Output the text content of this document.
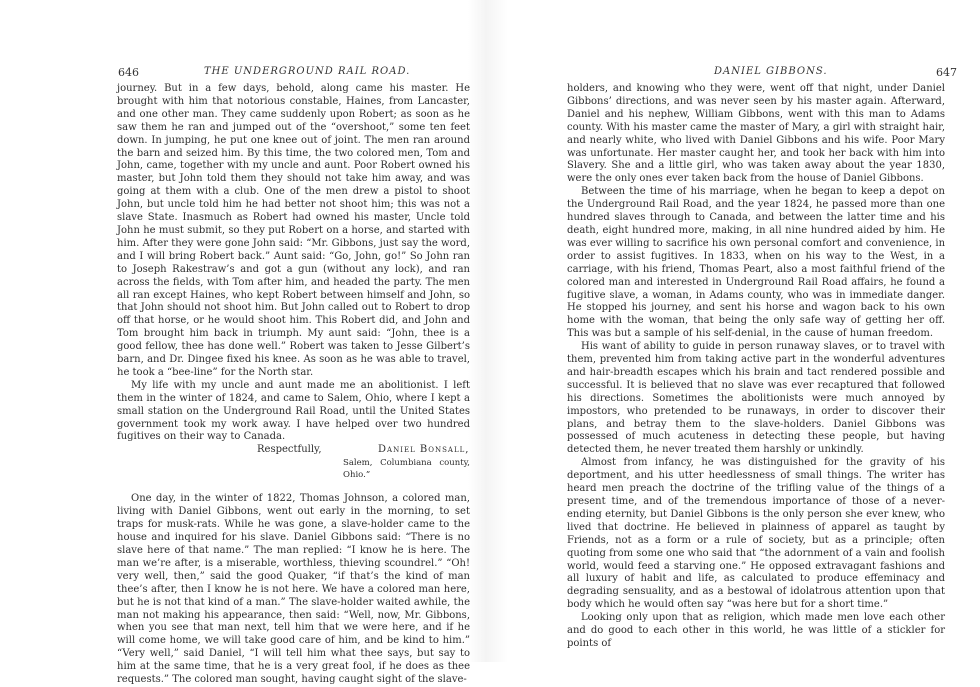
646	THE UNDERGROUND RAIL ROAD.

journey. But in a few days, behold, along came his master. He brought with him that notorious constable, Haines, from Lancaster, and one other man. They came suddenly upon Robert; as soon as he saw them he ran and jumped out of the “overshoot,” some ten feet down. In jumping, he put one knee out of joint. The men ran around the barn and seized him. By this time, the two colored men, Tom and John, came, together with my uncle and aunt. Poor Robert owned his master, but John told them they should not take him away, and was going at them with a club. One of the men drew a pistol to shoot John, but uncle told him he had better not shoot him; this was not a slave State. Inasmuch as Robert had owned his master, Uncle told John he must submit, so they put Robert on a horse, and started with him. After they were gone John said: “Mr. Gibbons, just say the word, and I will bring Robert back.” Aunt said: “Go, John, go!” So John ran to Joseph Rakestraw’s and got a gun (without any lock), and ran across the fields, with Tom after him, and headed the party. The men all ran except Haines, who kept Robert between himself and John, so that John should not shoot him. But John called out to Robert to drop off that horse, or he would shoot him. This Robert did, and John and Tom brought him back in triumph. My aunt said: “John, thee is a good fellow, thee has done well.” Robert was taken to Jesse Gilbert’s barn, and Dr. Dingee fixed his knee. As soon as he was able to travel, he took a “bee-line” for the North star.

My life with my uncle and aunt made me an abolitionist. I left them in the winter of 1824, and came to Salem, Ohio, where I kept a small station on the Underground Rail Road, until the United States government took my work away. I have helped over two hundred fugitives on their way to Canada.

Respectfully,	Daniel Bonsall,
Salem, Columbiana county, Ohio.”

One day, in the winter of 1822, Thomas Johnson, a colored man, living with Daniel Gibbons, went out early in the morning, to set traps for musk-rats. While he was gone, a slave-holder came to the house and inquired for his slave. Daniel Gibbons said: “There is no slave here of that name.” The man replied: “I know he is here. The man we’re after, is a miserable, worthless, thieving scoundrel.” “Oh! very well, then,” said the good Quaker, “if that’s the kind of man thee’s after, then I know he is not here. We have a colored man here, but he is not that kind of a man.” The slave-holder waited awhile, the man not making his appearance, then said: “Well, now, Mr. Gibbons, when you see that man next, tell him that we were here, and if he will come home, we will take good care of him, and be kind to him.” “Very well,” said Daniel, “I will tell him what thee says, but say to him at the same time, that he is a very great fool, if he does as thee requests.” The colored man sought, having caught sight of the slave-

DANIEL GIBBONS.	647

holders, and knowing who they were, went off that night, under Daniel Gibbons’ directions, and was never seen by his master again. Afterward, Daniel and his nephew, William Gibbons, went with this man to Adams county. With his master came the master of Mary, a girl with straight hair, and nearly white, who lived with Daniel Gibbons and his wife. Poor Mary was unfortunate. Her master caught her, and took her back with him into Slavery. She and a little girl, who was taken away about the year 1830, were the only ones ever taken back from the house of Daniel Gibbons.

Between the time of his marriage, when he began to keep a depot on the Underground Rail Road, and the year 1824, he passed more than one hundred slaves through to Canada, and between the latter time and his death, eight hundred more, making, in all nine hundred aided by him. He was ever willing to sacrifice his own personal comfort and convenience, in order to assist fugitives. In 1833, when on his way to the West, in a carriage, with his friend, Thomas Peart, also a most faithful friend of the colored man and interested in Underground Rail Road affairs, he found a fugitive slave, a woman, in Adams county, who was in immediate danger. He stopped his journey, and sent his horse and wagon back to his own home with the woman, that being the only safe way of getting her off. This was but a sample of his self-denial, in the cause of human freedom.

His want of ability to guide in person runaway slaves, or to travel with them, prevented him from taking active part in the wonderful adventures and hair-breadth escapes which his brain and tact rendered possible and successful. It is believed that no slave was ever recaptured that followed his directions. Sometimes the abolitionists were much annoyed by impostors, who pretended to be runaways, in order to discover their plans, and betray them to the slave-holders. Daniel Gibbons was possessed of much acuteness in detecting these people, but having detected them, he never treated them harshly or unkindly.

Almost from infancy, he was distinguished for the gravity of his deportment, and his utter heedlessness of small things. The writer has heard men preach the doctrine of the trifling value of the things of a present time, and of the tremendous importance of those of a never-ending eternity, but Daniel Gibbons is the only person she ever knew, who lived that doctrine. He believed in plainness of apparel as taught by Friends, not as a form or a rule of society, but as a principle; often quoting from some one who said that “the adornment of a vain and foolish world, would feed a starving one.” He opposed extravagant fashions and all luxury of habit and life, as calculated to produce effeminacy and degrading sensuality, and as a bestowal of idolatrous attention upon that body which he would often say “was here but for a short time.”

Looking only upon that as religion, which made men love each other and do good to each other in this world, he was little of a stickler for points of
